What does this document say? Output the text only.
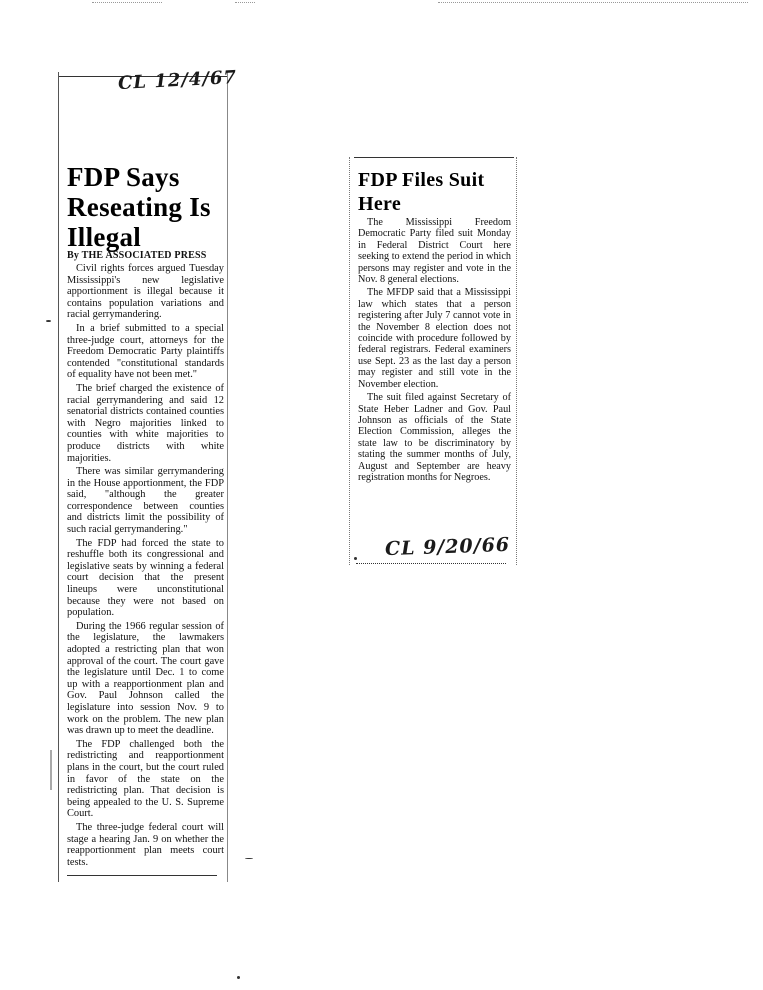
FDP Says Reseating Is Illegal
By THE ASSOCIATED PRESS

Civil rights forces argued Tuesday Mississippi's new legislative apportionment is illegal because it contains population variations and racial gerrymandering.

In a brief submitted to a special three-judge court, attorneys for the Freedom Democratic Party plaintiffs contended "constitutional standards of equality have not been met."

The brief charged the existence of racial gerrymandering and said 12 senatorial districts contained counties with Negro majorities linked to counties with white majorities to produce districts with white majorities.

There was similar gerrymandering in the House apportionment, the FDP said, "although the greater correspondence between counties and districts limit the possibility of such racial gerrymandering."

The FDP had forced the state to reshuffle both its congressional and legislative seats by winning a federal court decision that the present lineups were unconstitutional because they were not based on population.

During the 1966 regular session of the legislature, the lawmakers adopted a restricting plan that won approval of the court. The court gave the legislature until Dec. 1 to come up with a reapportionment plan and Gov. Paul Johnson called the legislature into session Nov. 9 to work on the problem. The new plan was drawn up to meet the deadline.

The FDP challenged both the redistricting and reapportionment plans in the court, but the court ruled in favor of the state on the redistricting plan. That decision is being appealed to the U. S. Supreme Court.

The three-judge federal court will stage a hearing Jan. 9 on whether the reapportionment plan meets court tests.

CL 12/4/67
FDP Files Suit Here

The Mississippi Freedom Democratic Party filed suit Monday in Federal District Court here seeking to extend the period in which persons may register and vote in the Nov. 8 general elections.

The MFDP said that a Mississippi law which states that a person registering after July 7 cannot vote in the November 8 election does not coincide with procedure followed by federal registrars. Federal examiners use Sept. 23 as the last day a person may register and still vote in the November election.

The suit filed against Secretary of State Heber Ladner and Gov. Paul Johnson as officials of the State Election Commission, alleges the state law to be discriminatory by stating the summer months of July, August and September are heavy registration months for Negroes.

CL 9/20/66
